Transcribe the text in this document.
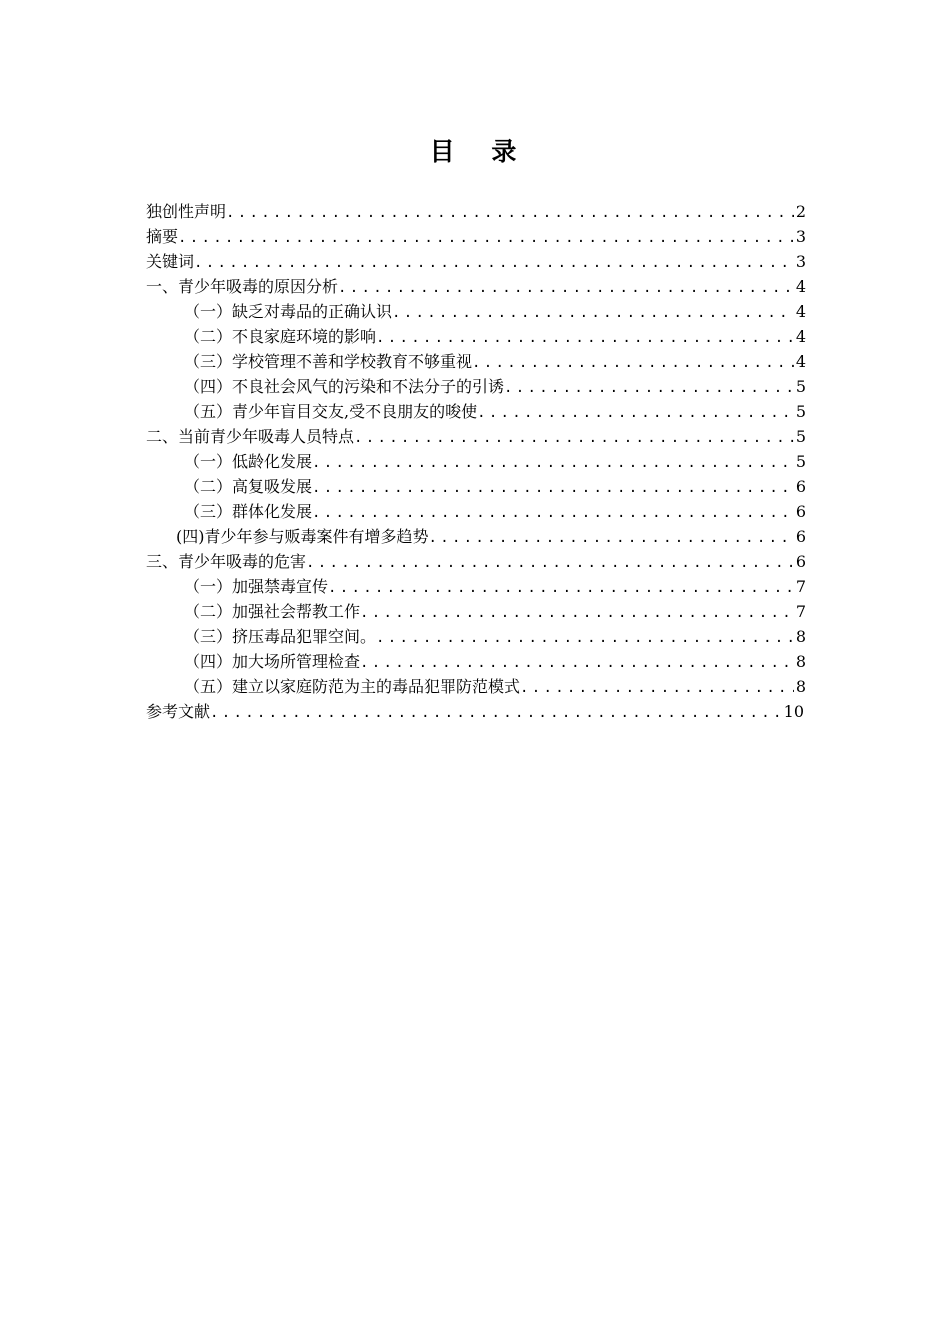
目 录
独创性声明 .....	2
摘要 .....	3
关键词 .....	3
一、青少年吸毒的原因分析 .....	4
（一）缺乏对毒品的正确认识 .....	4
（二）不良家庭环境的影响 .....	4
（三）学校管理不善和学校教育不够重视 .....	4
（四）不良社会风气的污染和不法分子的引诱 .....	5
（五）青少年盲目交友,受不良朋友的唆使 .....	5
二、当前青少年吸毒人员特点 .....	5
（一）低龄化发展 .....	5
（二）高复吸发展 .....	6
（三）群体化发展 .....	6
(四)青少年参与贩毒案件有增多趋势 .....	6
三、青少年吸毒的危害 .....	6
（一）加强禁毒宣传 .....	7
（二）加强社会帮教工作 .....	7
（三）挤压毒品犯罪空间。 .....	8
（四）加大场所管理检查 .....	8
（五）建立以家庭防范为主的毒品犯罪防范模式 .....	8
参考文献 .....	10
